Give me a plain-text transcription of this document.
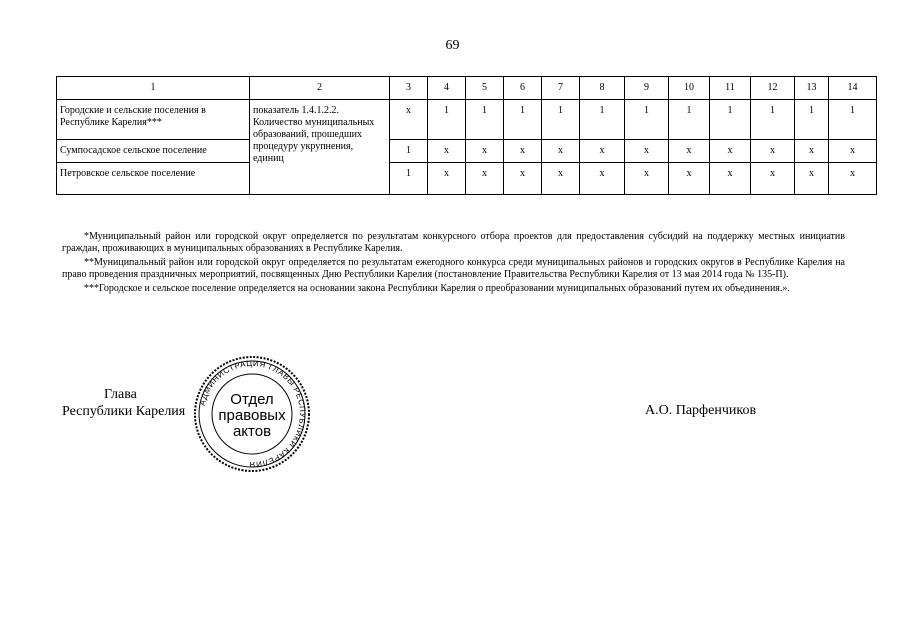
69
1	2	3	4	5	6	7	8	9	10	11	12	13	14
Городские и сельские поселения в Республике Карелия***	показатель 1.4.1.2.2. Количество муниципальных образований, прошедших процедуру укрупнения, единиц	х	1	1	1	1	1	1	1	1	1	1	1
Сумпосадское сельское поселение		1	х	х	х	х	х	х	х	х	х	х	х
Петровское сельское поселение		1	х	х	х	х	х	х	х	х	х	х	х

*Муниципальный район или городской округ определяется по результатам конкурсного отбора проектов для предоставления субсидий на поддержку местных инициатив граждан, проживающих в муниципальных образованиях в Республике Карелия.

**Муниципальный район или городской округ определяется по результатам ежегодного конкурса среди муниципальных районов и городских округов в Республике Карелия на право проведения праздничных мероприятий, посвященных Дню Республики Карелия (постановление Правительства Республики Карелия от 13 мая 2014 года № 135-П).

***Городское и сельское поселение определяется на основании закона Республики Карелия о преобразовании муниципальных образований путем их объединения.».

Глава
Республики Карелия
АДМИНИСТРАЦИЯ ГЛАВЫ РЕСПУБЛИКИ КАРЕЛИЯ
Отдел
правовых
актов
А.О. Парфенчиков
